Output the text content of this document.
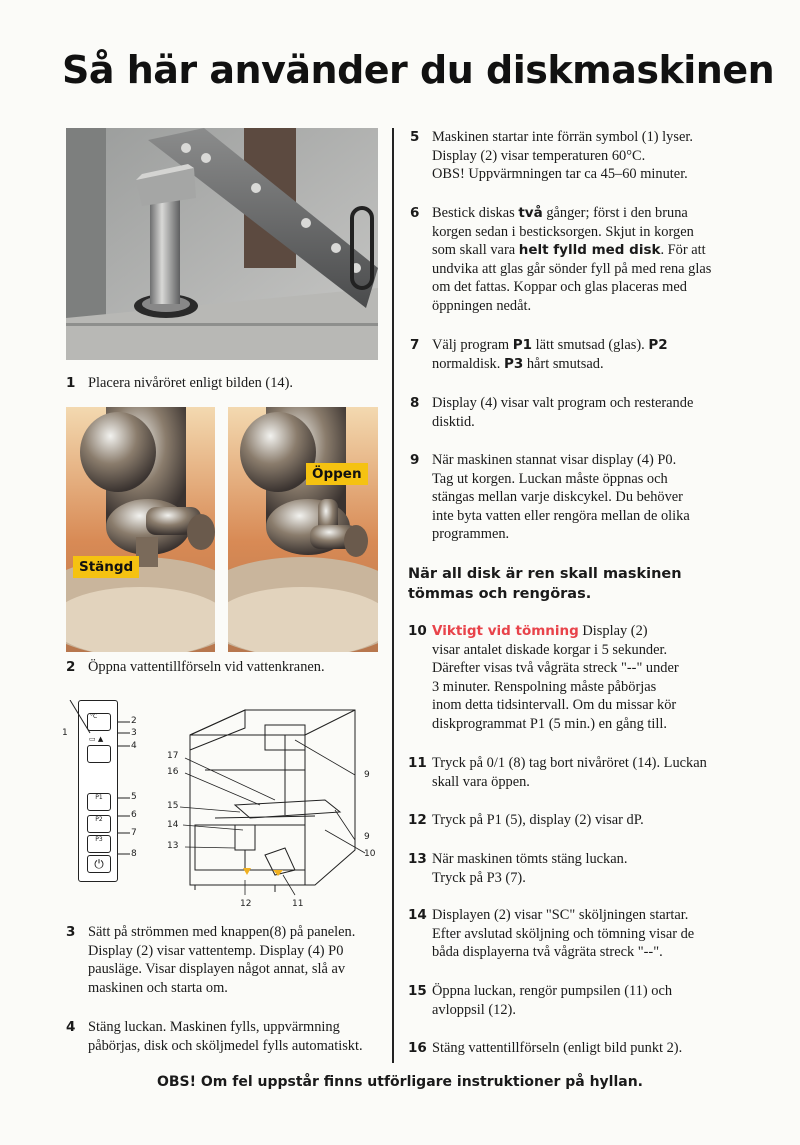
Så här använder du diskmaskinen
1 Placera nivåröret enligt bilden (14).
Stängd
Öppen
2 Öppna vattentillförseln vid vattenkranen.
°C
▭ ▲
P1
P2
P3
⏻
1
2
3
4
5
6
7
8
17
16
15
14
13
12	11
10
9
9
3 Sätt på strömmen med knappen(8) på panelen.
Display (2) visar vattentemp. Display (4) P0
pausläge. Visar displayen något annat, slå av
maskinen och starta om.
4 Stäng luckan. Maskinen fylls, uppvärmning
påbörjas, disk och sköljmedel fylls automatiskt.
5 Maskinen startar inte förrän symbol (1) lyser.
Display (2) visar temperaturen 60°C.
OBS! Uppvärmningen tar ca 45–60 minuter.
6 Bestick diskas två gånger; först i den bruna
korgen sedan i besticksorgen. Skjut in korgen
som skall vara helt fylld med disk. För att
undvika att glas går sönder fyll på med rena glas
om det fattas. Koppar och glas placeras med
öppningen nedåt.
7 Välj program P1 lätt smutsad (glas). P2
normaldisk. P3 hårt smutsad.
8 Display (4) visar valt program och resterande
disktid.
9 När maskinen stannat visar display (4) P0.
Tag ut korgen. Luckan måste öppnas och
stängas mellan varje diskcykel. Du behöver
inte byta vatten eller rengöra mellan de olika
programmen.
När all disk är ren skall maskinen
tömmas och rengöras.
10 Viktigt vid tömning Display (2)
visar antalet diskade korgar i 5 sekunder.
Därefter visas två vågräta streck "--" under
3 minuter. Renspolning måste påbörjas
inom detta tidsintervall. Om du missar kör
diskprogrammat P1 (5 min.) en gång till.
11 Tryck på 0/1 (8) tag bort nivåröret (14). Luckan
skall vara öppen.
12 Tryck på P1 (5), display (2) visar dP.
13 När maskinen tömts stäng luckan.
Tryck på P3 (7).
14 Displayen (2) visar "SC" sköljningen startar.
Efter avslutad sköljning och tömning visar de
båda displayerna två vågräta streck "--".
15 Öppna luckan, rengör pumpsilen (11) och
avloppsil (12).
16 Stäng vattentillförseln (enligt bild punkt 2).
OBS! Om fel uppstår finns utförligare instruktioner på hyllan.
